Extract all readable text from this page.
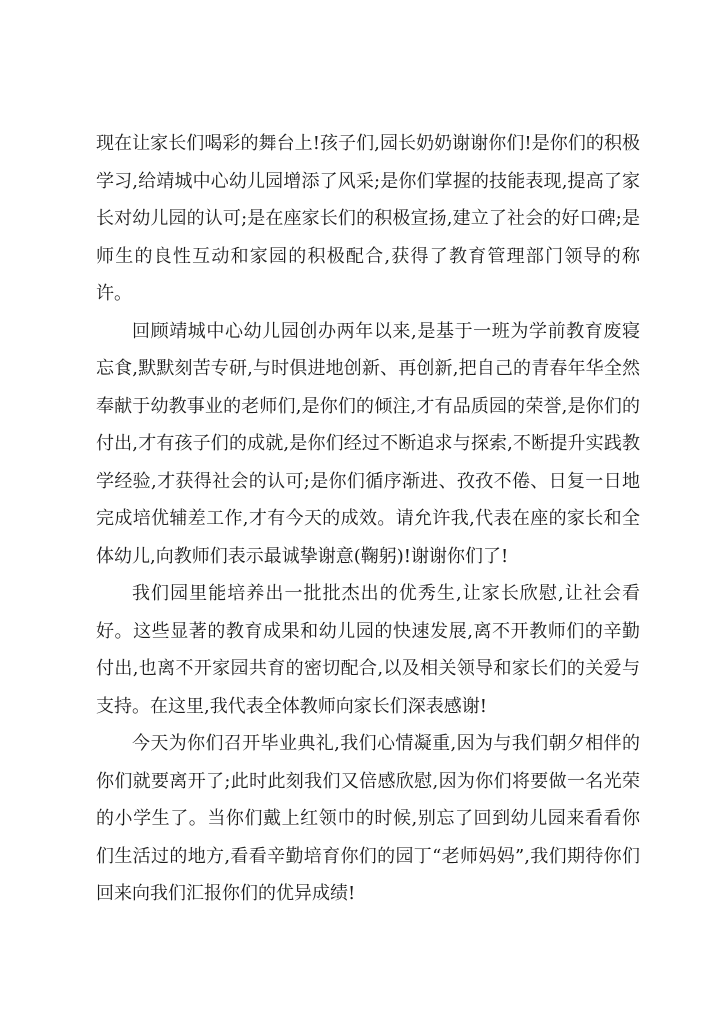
现在让家长们喝彩的舞台上!孩子们,园长奶奶谢谢你们!是你们的积极学习,给靖城中心幼儿园增添了风采;是你们掌握的技能表现,提高了家长对幼儿园的认可;是在座家长们的积极宣扬,建立了社会的好口碑;是师生的良性互动和家园的积极配合,获得了教育管理部门领导的称许。

回顾靖城中心幼儿园创办两年以来,是基于一班为学前教育废寝忘食,默默刻苦专研,与时俱进地创新、再创新,把自己的青春年华全然奉献于幼教事业的老师们,是你们的倾注,才有品质园的荣誉,是你们的付出,才有孩子们的成就,是你们经过不断追求与探索,不断提升实践教学经验,才获得社会的认可;是你们循序渐进、孜孜不倦、日复一日地完成培优辅差工作,才有今天的成效。请允许我,代表在座的家长和全体幼儿,向教师们表示最诚挚谢意(鞠躬)!谢谢你们了!

我们园里能培养出一批批杰出的优秀生,让家长欣慰,让社会看好。这些显著的教育成果和幼儿园的快速发展,离不开教师们的辛勤付出,也离不开家园共育的密切配合,以及相关领导和家长们的关爱与支持。在这里,我代表全体教师向家长们深表感谢!

今天为你们召开毕业典礼,我们心情凝重,因为与我们朝夕相伴的你们就要离开了;此时此刻我们又倍感欣慰,因为你们将要做一名光荣的小学生了。当你们戴上红领巾的时候,别忘了回到幼儿园来看看你们生活过的地方,看看辛勤培育你们的园丁“老师妈妈”,我们期待你们回来向我们汇报你们的优异成绩!
